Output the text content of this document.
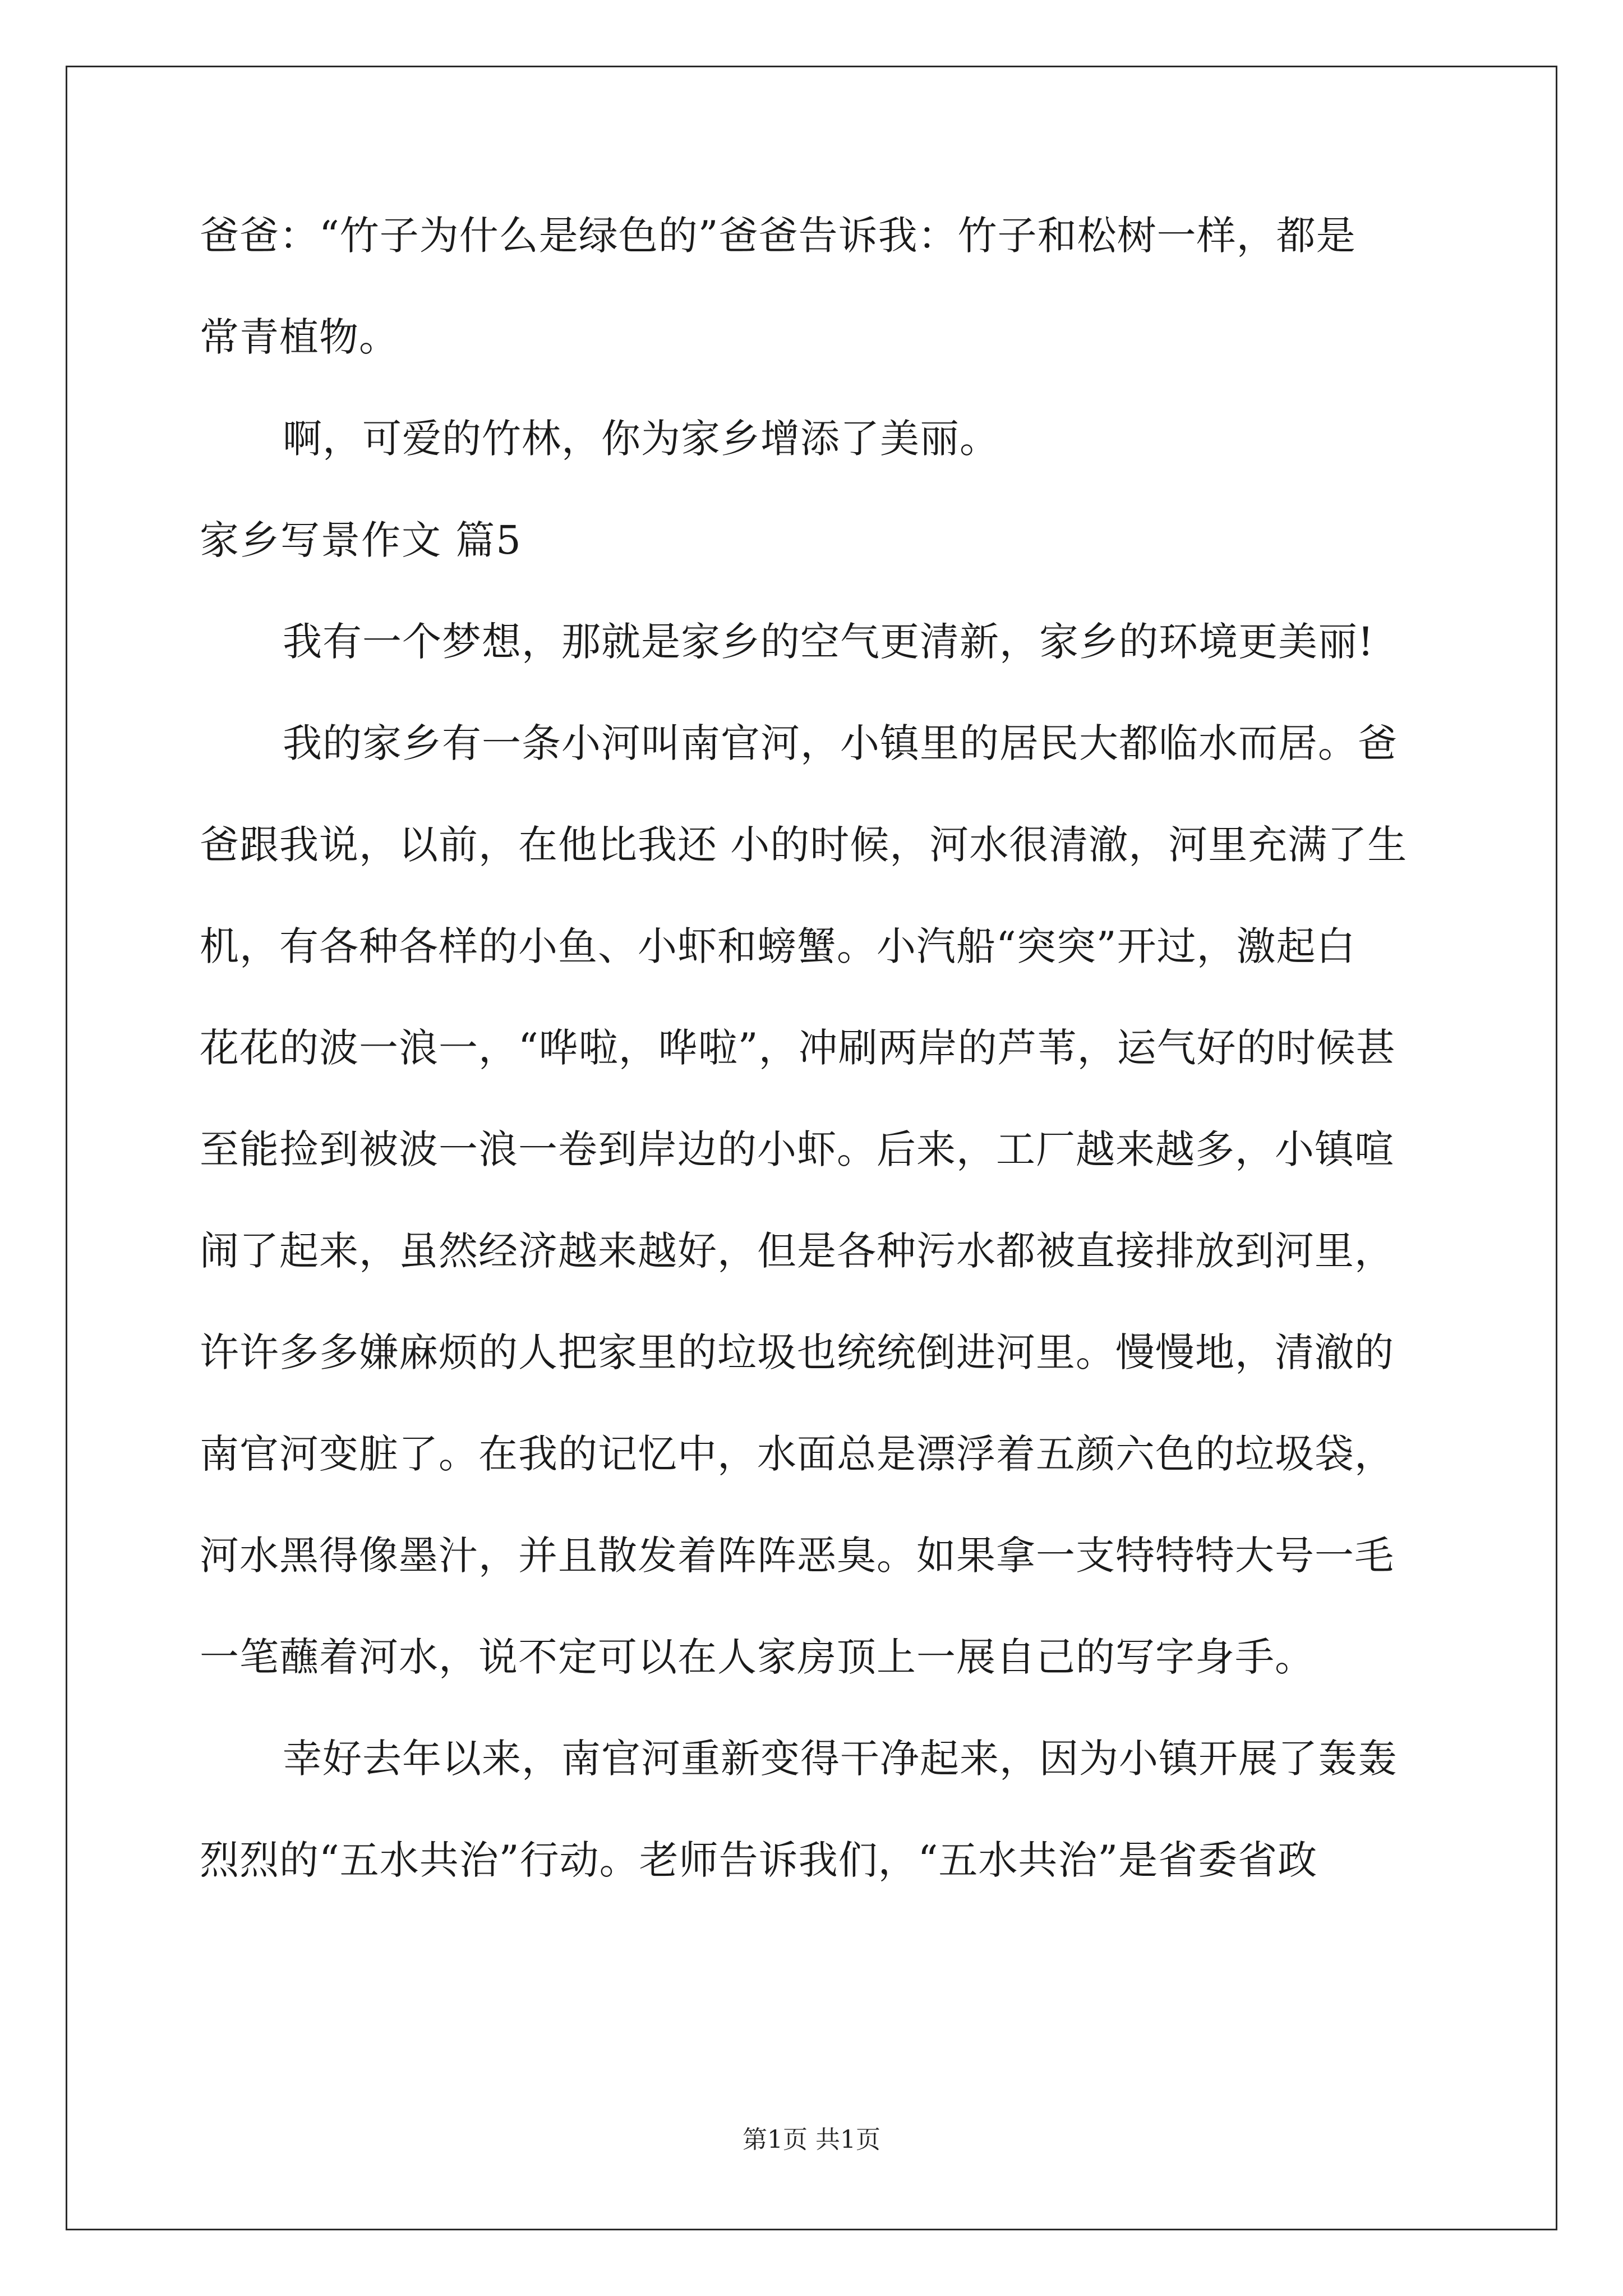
爸爸：“竹子为什么是绿色的”爸爸告诉我：竹子和松树一样，都是
常青植物。
啊，可爱的竹林，你为家乡增添了美丽。
家乡写景作文 篇5
我有一个梦想，那就是家乡的空气更清新，家乡的环境更美丽!
我的家乡有一条小河叫南官河，小镇里的居民大都临水而居。爸
爸跟我说，以前，在他比我还 小的时候，河水很清澈，河里充满了生
机，有各种各样的小鱼、小虾和螃蟹。小汽船“突突”开过，激起白
花花的波一浪一，“哗啦，哗啦”，冲刷两岸的芦苇，运气好的时候甚
至能捡到被波一浪一卷到岸边的小虾。后来，工厂越来越多，小镇喧
闹了起来，虽然经济越来越好，但是各种污水都被直接排放到河里，
许许多多嫌麻烦的人把家里的垃圾也统统倒进河里。慢慢地，清澈的
南官河变脏了。在我的记忆中，水面总是漂浮着五颜六色的垃圾袋，
河水黑得像墨汁，并且散发着阵阵恶臭。如果拿一支特特特大号一毛
一笔蘸着河水，说不定可以在人家房顶上一展自己的写字身手。
幸好去年以来，南官河重新变得干净起来，因为小镇开展了轰轰
烈烈的“五水共治”行动。老师告诉我们，“五水共治”是省委省政
第1页 共1页
